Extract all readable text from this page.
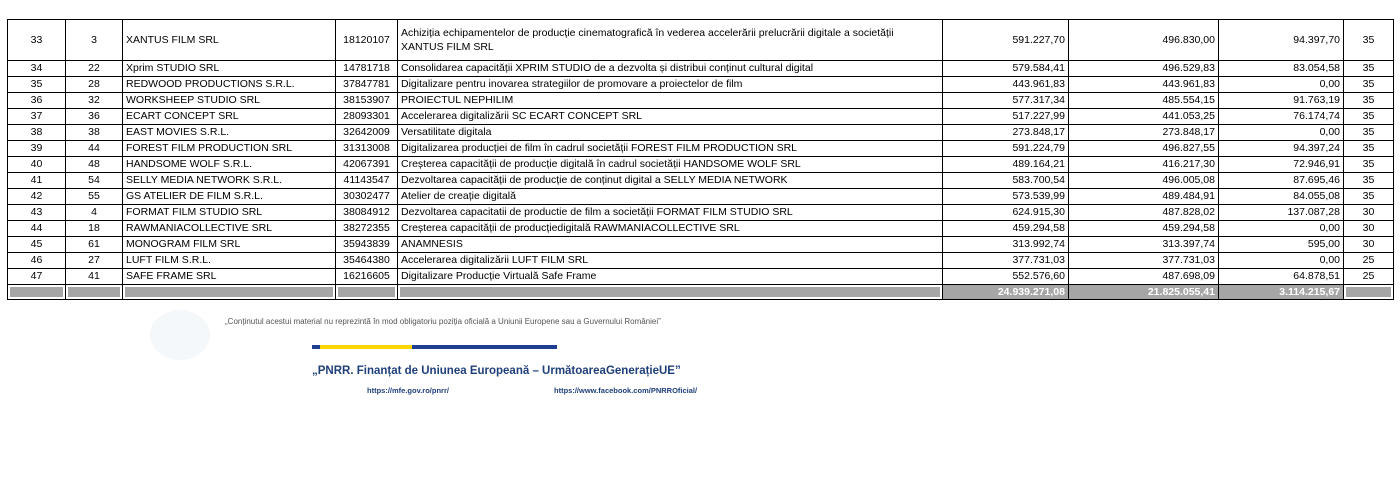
33	3	XANTUS FILM SRL	18120107	Achiziția echipamentelor de producție cinematografică în vederea accelerării prelucrării digitale a societății XANTUS FILM SRL	591.227,70	496.830,00	94.397,70	35
34	22	Xprim STUDIO SRL	14781718	Consolidarea capacității XPRIM STUDIO de a dezvolta și distribui conținut cultural digital	579.584,41	496.529,83	83.054,58	35
35	28	REDWOOD PRODUCTIONS S.R.L.	37847781	Digitalizare pentru inovarea strategiilor de promovare a proiectelor de film	443.961,83	443.961,83	0,00	35
36	32	WORKSHEEP STUDIO SRL	38153907	PROIECTUL NEPHILIM	577.317,34	485.554,15	91.763,19	35
37	36	ECART CONCEPT SRL	28093301	Accelerarea digitalizării SC ECART CONCEPT SRL	517.227,99	441.053,25	76.174,74	35
38	38	EAST MOVIES S.R.L.	32642009	Versatilitate digitala	273.848,17	273.848,17	0,00	35
39	44	FOREST FILM PRODUCTION SRL	31313008	Digitalizarea producției de film în cadrul societății FOREST FILM PRODUCTION SRL	591.224,79	496.827,55	94.397,24	35
40	48	HANDSOME WOLF S.R.L.	42067391	Creșterea capacității de producție digitală în cadrul societății HANDSOME WOLF SRL	489.164,21	416.217,30	72.946,91	35
41	54	SELLY MEDIA NETWORK S.R.L.	41143547	Dezvoltarea capacității de producție de conținut digital a SELLY MEDIA NETWORK	583.700,54	496.005,08	87.695,46	35
42	55	GS ATELIER DE FILM S.R.L.	30302477	Atelier de creație digitală	573.539,99	489.484,91	84.055,08	35
43	4	FORMAT FILM STUDIO SRL	38084912	Dezvoltarea capacitatii de productie de film a societății FORMAT FILM STUDIO SRL	624.915,30	487.828,02	137.087,28	30
44	18	RAWMANIACOLLECTIVE SRL	38272355	Creșterea capacității de producțiedigitală RAWMANIACOLLECTIVE SRL	459.294,58	459.294,58	0,00	30
45	61	MONOGRAM FILM SRL	35943839	ANAMNESIS	313.992,74	313.397,74	595,00	30
46	27	LUFT FILM S.R.L.	35464380	Accelerarea digitalizării LUFT FILM SRL	377.731,03	377.731,03	0,00	25
47	41	SAFE FRAME SRL	16216605	Digitalizare Producție Virtuală Safe Frame	552.576,60	487.698,09	64.878,51	25
					24.939.271,08	21.825.055,41	3.114.215,67	
„Conținutul acestui material nu reprezintă în mod obligatoriu poziția oficială a Uniunii Europene sau a Guvernului României”
„PNRR. Finanțat de Uniunea Europeană – UrmătoareaGenerațieUE”
https://mfe.gov.ro/pnrr/	https://www.facebook.com/PNRROficial/
